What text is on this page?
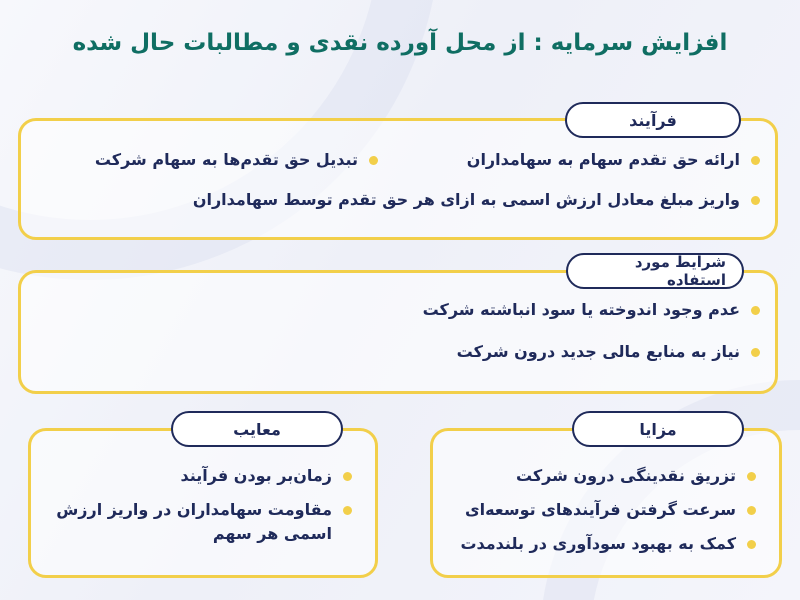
افزایش سرمایه : از محل آورده نقدی و مطالبات حال شده
فرآیند
ارائه حق تقدم سهام به سهامداران
واریز مبلغ معادل ارزش اسمی به ازای هر حق تقدم توسط سهامداران
تبدیل حق تقدم‌ها به سهام شرکت
شرایط مورد استفاده
عدم وجود اندوخته یا سود انباشته شرکت
نیاز به منابع مالی جدید درون شرکت
مزایا
تزریق نقدینگی درون شرکت
سرعت گرفتن فرآیندهای توسعه‌ای
کمک به بهبود سودآوری در بلندمدت
معایب
زمان‌بر بودن فرآیند
مقاومت سهامداران در واریز ارزش اسمی هر سهم
